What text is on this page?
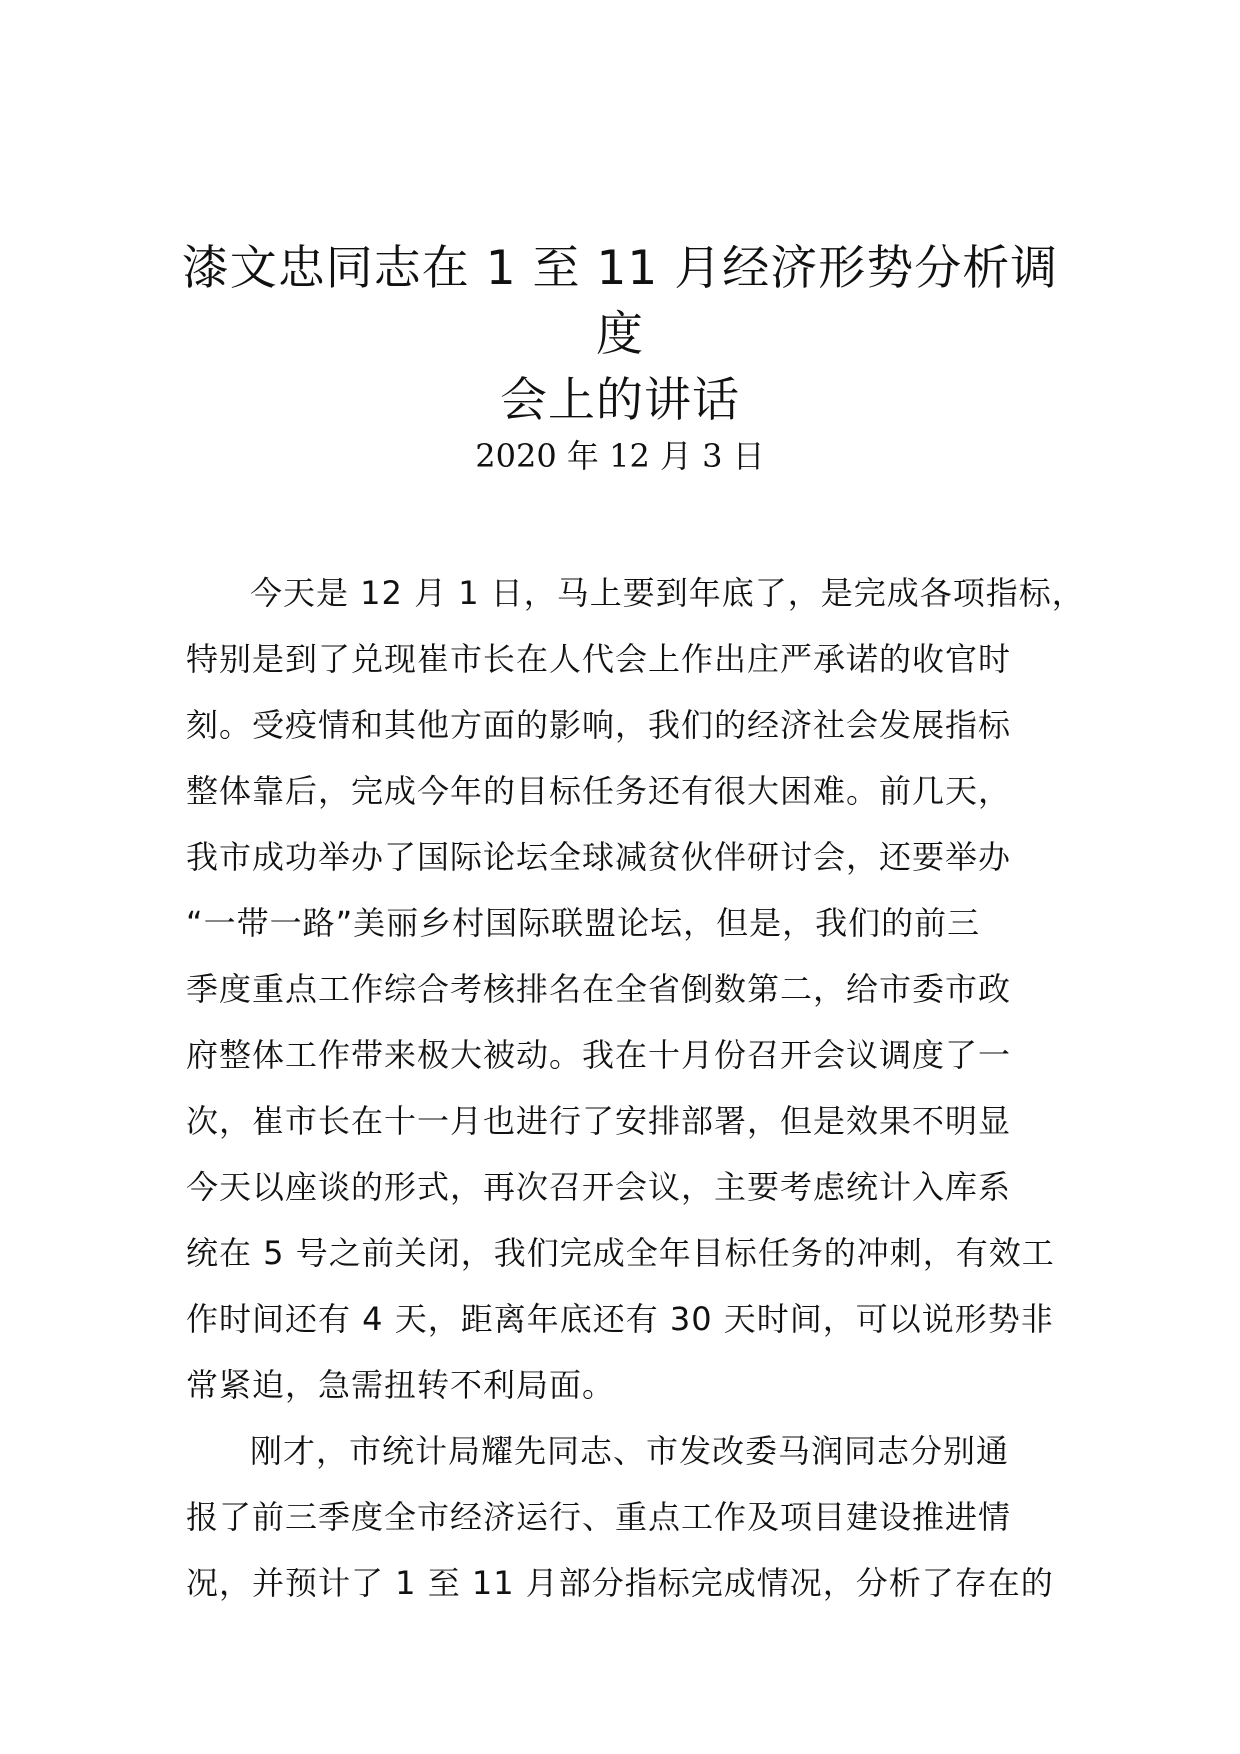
漆文忠同志在 1 至 11 月经济形势分析调度
会上的讲话
2020 年 12 月 3 日
今天是 12 月 1 日，马上要到年底了，是完成各项指标，
特别是到了兑现崔市长在人代会上作出庄严承诺的收官时
刻。受疫情和其他方面的影响，我们的经济社会发展指标
整体靠后，完成今年的目标任务还有很大困难。前几天，
我市成功举办了国际论坛全球减贫伙伴研讨会，还要举办
“一带一路”美丽乡村国际联盟论坛，但是，我们的前三
季度重点工作综合考核排名在全省倒数第二，给市委市政
府整体工作带来极大被动。我在十月份召开会议调度了一
次，崔市长在十一月也进行了安排部署，但是效果不明显
今天以座谈的形式，再次召开会议，主要考虑统计入库系
统在 5 号之前关闭，我们完成全年目标任务的冲刺，有效工
作时间还有 4 天，距离年底还有 30 天时间，可以说形势非
常紧迫，急需扭转不利局面。
刚才，市统计局耀先同志、市发改委马润同志分别通
报了前三季度全市经济运行、重点工作及项目建设推进情
况，并预计了 1 至 11 月部分指标完成情况，分析了存在的
